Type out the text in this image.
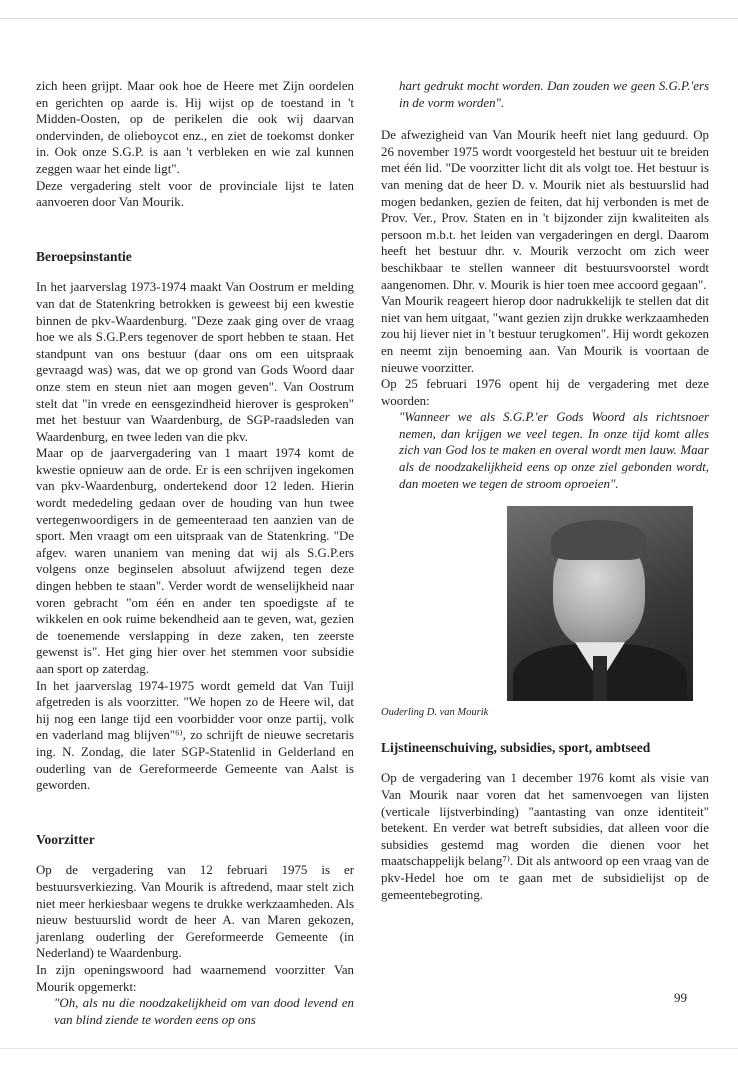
zich heen grijpt. Maar ook hoe de Heere met Zijn oordelen en gerichten op aarde is. Hij wijst op de toestand in 't Midden-Oosten, op de perikelen die ook wij daarvan ondervinden, de olieboycot enz., en ziet de toekomst donker in. Ook onze S.G.P. is aan 't verbleken en wie zal kunnen zeggen waar het einde ligt".

Deze vergadering stelt voor de provinciale lijst te laten aanvoeren door Van Mourik.

Beroepsinstantie

In het jaarverslag 1973-1974 maakt Van Oostrum er melding van dat de Statenkring betrokken is geweest bij een kwestie binnen de pkv-Waardenburg. "Deze zaak ging over de vraag hoe we als S.G.P.ers tegenover de sport hebben te staan. Het standpunt van ons bestuur (daar ons om een uitspraak gevraagd was) was, dat we op grond van Gods Woord daar onze stem en steun niet aan mogen geven". Van Oostrum stelt dat "in vrede en eensgezindheid hierover is gesproken" met het bestuur van Waardenburg, de SGP-raadsleden van Waardenburg, en twee leden van die pkv.

Maar op de jaarvergadering van 1 maart 1974 komt de kwestie opnieuw aan de orde. Er is een schrijven ingekomen van pkv-Waardenburg, ondertekend door 12 leden. Hierin wordt mededeling gedaan over de houding van hun twee vertegenwoordigers in de gemeenteraad ten aanzien van de sport. Men vraagt om een uitspraak van de Statenkring. "De afgev. waren unaniem van mening dat wij als S.G.P.ers volgens onze beginselen absoluut afwijzend tegen deze dingen hebben te staan". Verder wordt de wenselijkheid naar voren gebracht "om één en ander ten spoedigste af te wikkelen en ook ruime bekendheid aan te geven, wat, gezien de toenemende verslapping in deze zaken, ten zeerste gewenst is". Het ging hier over het stemmen voor subsidie aan sport op zaterdag.

In het jaarverslag 1974-1975 wordt gemeld dat Van Tuijl afgetreden is als voorzitter. "We hopen zo de Heere wil, dat hij nog een lange tijd een voorbidder voor onze partij, volk en vaderland mag blijven"⁶⁾, zo schrijft de nieuwe secretaris ing. N. Zondag, die later SGP-Statenlid in Gelderland en ouderling van de Gereformeerde Gemeente van Aalst is geworden.

Voorzitter

Op de vergadering van 12 februari 1975 is er bestuursverkiezing. Van Mourik is aftredend, maar stelt zich niet meer herkiesbaar wegens te drukke werkzaamheden. Als nieuw bestuurslid wordt de heer A. van Maren gekozen, jarenlang ouderling der Gereformeerde Gemeente (in Nederland) te Waardenburg.

In zijn openingswoord had waarnemend voorzitter Van Mourik opgemerkt:

"Oh, als nu die noodzakelijkheid om van dood levend en van blind ziende te worden eens op ons

hart gedrukt mocht worden. Dan zouden we geen S.G.P.'ers in de vorm worden".

De afwezigheid van Van Mourik heeft niet lang geduurd. Op 26 november 1975 wordt voorgesteld het bestuur uit te breiden met één lid. "De voorzitter licht dit als volgt toe. Het bestuur is van mening dat de heer D. v. Mourik niet als bestuurslid had mogen bedanken, gezien de feiten, dat hij verbonden is met de Prov. Ver., Prov. Staten en in 't bijzonder zijn kwaliteiten als persoon m.b.t. het leiden van vergaderingen en dergl. Daarom heeft het bestuur dhr. v. Mourik verzocht om zich weer beschikbaar te stellen wanneer dit bestuursvoorstel wordt aangenomen. Dhr. v. Mourik is hier toen mee accoord gegaan".

Van Mourik reageert hierop door nadrukkelijk te stellen dat dit niet van hem uitgaat, "want gezien zijn drukke werkzaamheden zou hij liever niet in 't bestuur terugkomen". Hij wordt gekozen en neemt zijn benoeming aan. Van Mourik is voortaan de nieuwe voorzitter.

Op 25 februari 1976 opent hij de vergadering met deze woorden:

"Wanneer we als S.G.P.'er Gods Woord als richtsnoer nemen, dan krijgen we veel tegen. In onze tijd komt alles zich van God los te maken en overal wordt men lauw. Maar als de noodzakelijkheid eens op onze ziel gebonden wordt, dan moeten we tegen de stroom oproeien".

Ouderling D. van Mourik
Lijstineenschuiving, subsidies, sport, ambtseed

Op de vergadering van 1 december 1976 komt als visie van Van Mourik naar voren dat het samenvoegen van lijsten (verticale lijstverbinding) "aantasting van onze identiteit" betekent. En verder wat betreft subsidies, dat alleen voor die subsidies gestemd mag worden die dienen voor het maatschappelijk belang⁷⁾. Dit als antwoord op een vraag van de pkv-Hedel hoe om te gaan met de subsidielijst op de gemeentebegroting.

99
